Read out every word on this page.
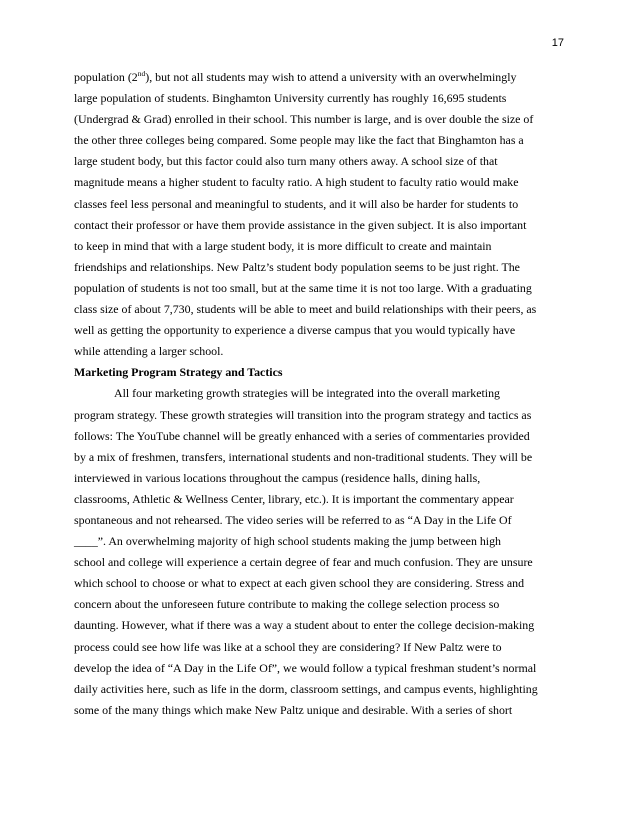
17
population (2nd), but not all students may wish to attend a university with an overwhelmingly
large population of students. Binghamton University currently has roughly 16,695 students
(Undergrad & Grad) enrolled in their school. This number is large, and is over double the size of
the other three colleges being compared. Some people may like the fact that Binghamton has a
large student body, but this factor could also turn many others away. A school size of that
magnitude means a higher student to faculty ratio. A high student to faculty ratio would make
classes feel less personal and meaningful to students, and it will also be harder for students to
contact their professor or have them provide assistance in the given subject. It is also important
to keep in mind that with a large student body, it is more difficult to create and maintain
friendships and relationships. New Paltz’s student body population seems to be just right. The
population of students is not too small, but at the same time it is not too large. With a graduating
class size of about 7,730, students will be able to meet and build relationships with their peers, as
well as getting the opportunity to experience a diverse campus that you would typically have
while attending a larger school.
Marketing Program Strategy and Tactics
All four marketing growth strategies will be integrated into the overall marketing
program strategy. These growth strategies will transition into the program strategy and tactics as
follows: The YouTube channel will be greatly enhanced with a series of commentaries provided
by a mix of freshmen, transfers, international students and non-traditional students. They will be
interviewed in various locations throughout the campus (residence halls, dining halls,
classrooms, Athletic & Wellness Center, library, etc.). It is important the commentary appear
spontaneous and not rehearsed. The video series will be referred to as “A Day in the Life Of
____”. An overwhelming majority of high school students making the jump between high
school and college will experience a certain degree of fear and much confusion. They are unsure
which school to choose or what to expect at each given school they are considering. Stress and
concern about the unforeseen future contribute to making the college selection process so
daunting. However, what if there was a way a student about to enter the college decision-making
process could see how life was like at a school they are considering? If New Paltz were to
develop the idea of “A Day in the Life Of”, we would follow a typical freshman student’s normal
daily activities here, such as life in the dorm, classroom settings, and campus events, highlighting
some of the many things which make New Paltz unique and desirable. With a series of short
